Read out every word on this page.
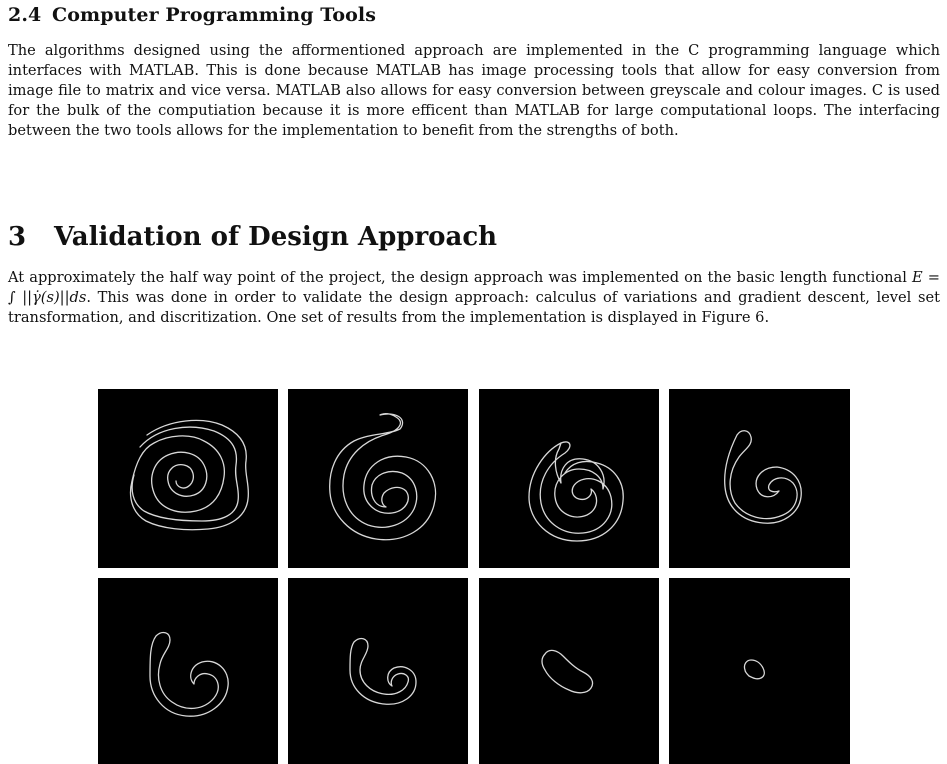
2.4 Computer Programming Tools

The algorithms designed using the afformentioned approach are implemented in the C programming language which interfaces with MATLAB. This is done because MATLAB has image processing tools that allow for easy conversion from image file to matrix and vice versa. MATLAB also allows for easy conversion between greyscale and colour images. C is used for the bulk of the computiation because it is more efficent than MATLAB for large computational loops. The interfacing between the two tools allows for the implementation to benefit from the strengths of both.

3 Validation of Design Approach

At approximately the half way point of the project, the design approach was implemented on the basic length functional E = ∫ ||γ̇(s)||ds. This was done in order to validate the design approach: calculus of variations and gradient descent, level set transformation, and discritization. One set of results from the implementation is displayed in Figure 6.
